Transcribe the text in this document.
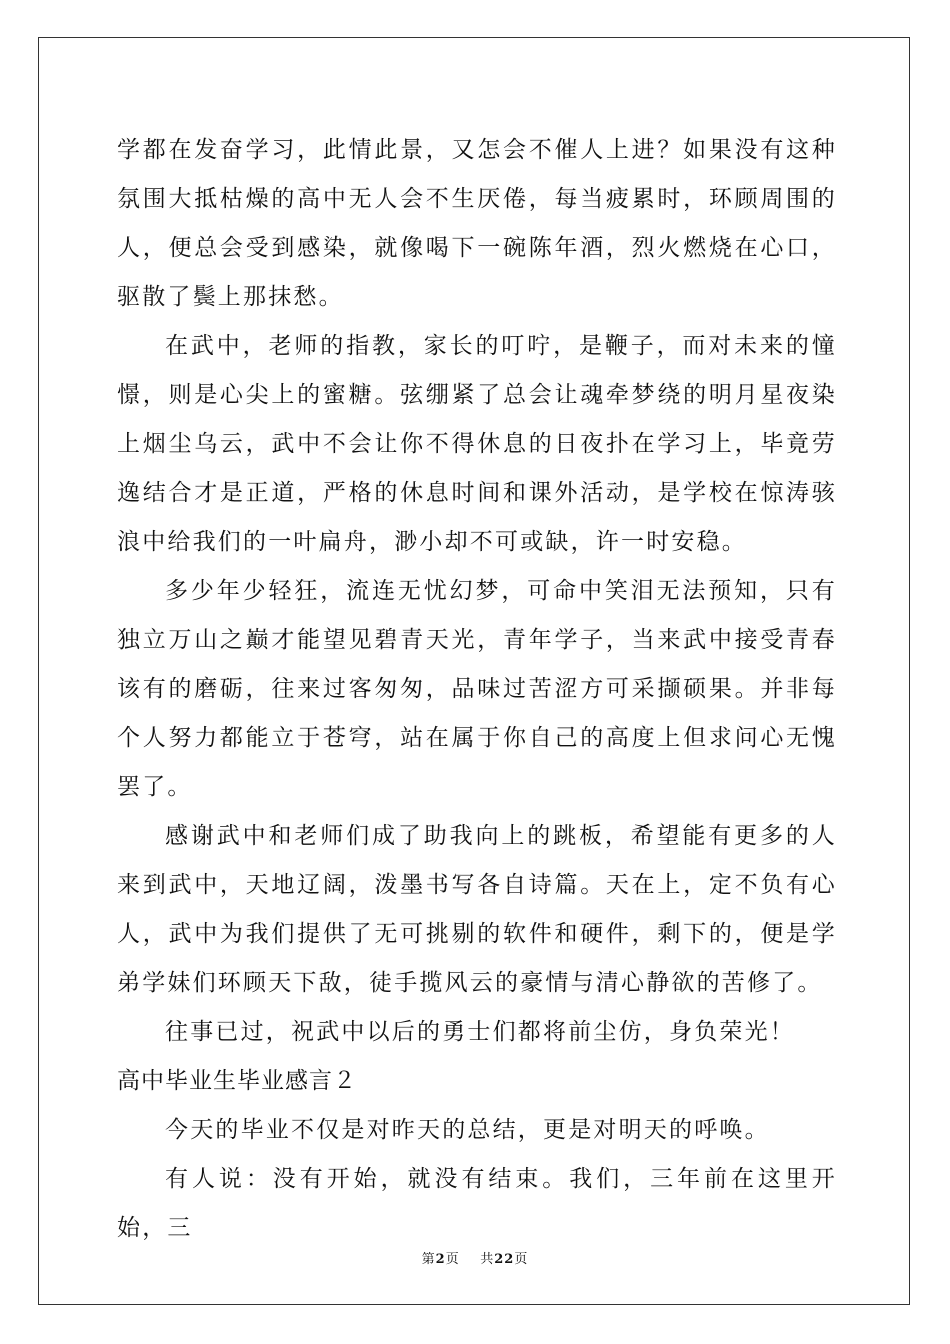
学都在发奋学习，此情此景，又怎会不催人上进？如果没有这种氛围大抵枯燥的高中无人会不生厌倦，每当疲累时，环顾周围的人，便总会受到感染，就像喝下一碗陈年酒，烈火燃烧在心口，驱散了鬓上那抹愁。

在武中，老师的指教，家长的叮咛，是鞭子，而对未来的憧憬，则是心尖上的蜜糖。弦绷紧了总会让魂牵梦绕的明月星夜染上烟尘乌云，武中不会让你不得休息的日夜扑在学习上，毕竟劳逸结合才是正道，严格的休息时间和课外活动，是学校在惊涛骇浪中给我们的一叶扁舟，渺小却不可或缺，许一时安稳。

多少年少轻狂，流连无忧幻梦，可命中笑泪无法预知，只有独立万山之巅才能望见碧青天光，青年学子，当来武中接受青春该有的磨砺，往来过客匆匆，品味过苦涩方可采撷硕果。并非每个人努力都能立于苍穹，站在属于你自己的高度上但求问心无愧罢了。

感谢武中和老师们成了助我向上的跳板，希望能有更多的人来到武中，天地辽阔，泼墨书写各自诗篇。天在上，定不负有心人，武中为我们提供了无可挑剔的软件和硬件，剩下的，便是学弟学妹们环顾天下敌，徒手揽风云的豪情与清心静欲的苦修了。

往事已过，祝武中以后的勇士们都将前尘仿，身负荣光！

高中毕业生毕业感言２

今天的毕业不仅是对昨天的总结，更是对明天的呼唤。

有人说：没有开始，就没有结束。我们，三年前在这里开始，三

第2页 共22页
